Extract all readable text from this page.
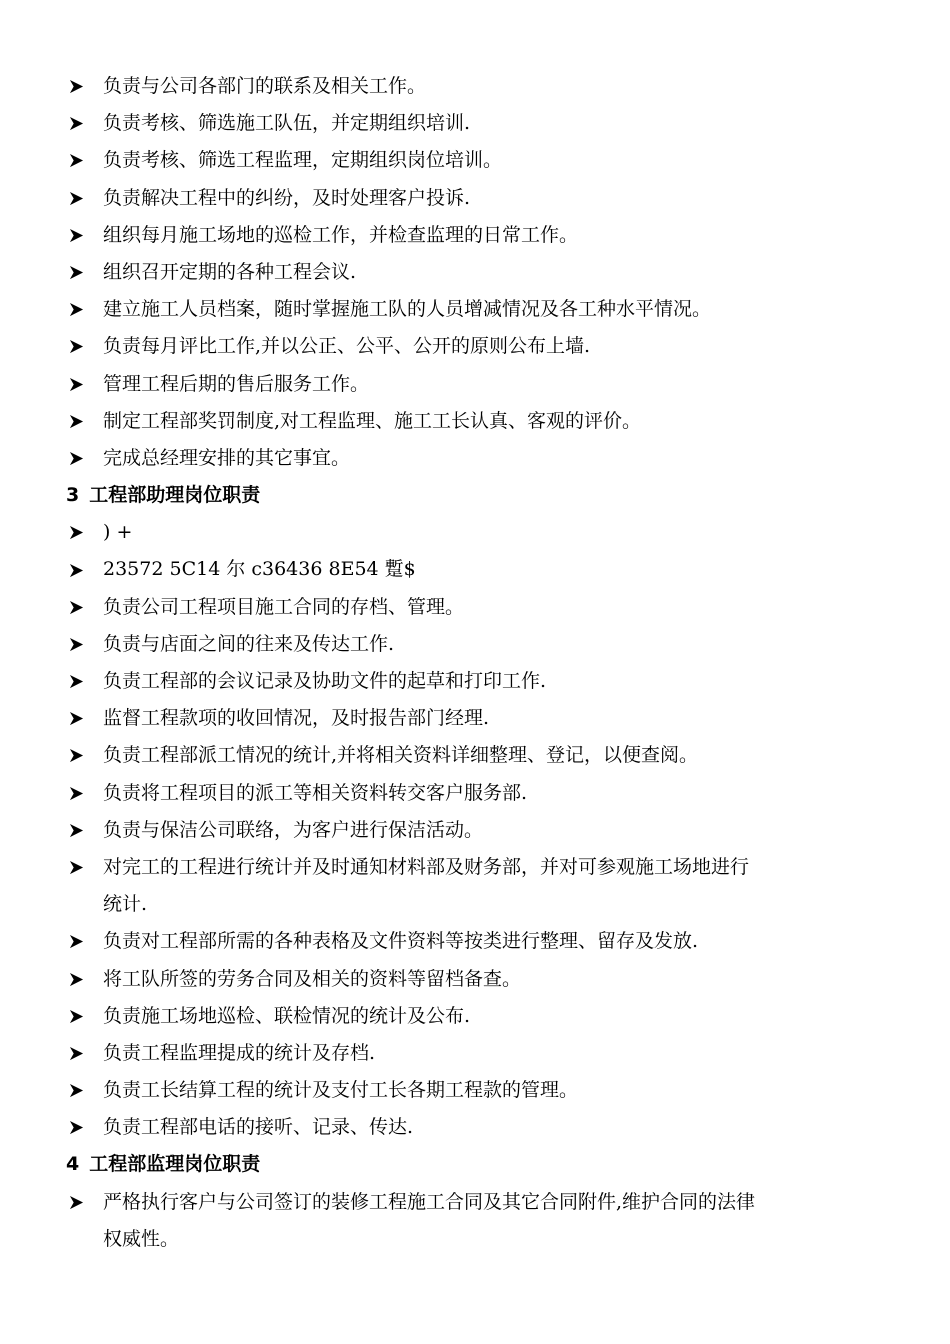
负责与公司各部门的联系及相关工作。
负责考核、筛选施工队伍，并定期组织培训.
负责考核、筛选工程监理，定期组织岗位培训。
负责解决工程中的纠纷，及时处理客户投诉.
组织每月施工场地的巡检工作，并检查监理的日常工作。
组织召开定期的各种工程会议.
建立施工人员档案，随时掌握施工队的人员增减情况及各工种水平情况。
负责每月评比工作,并以公正、公平、公开的原则公布上墙.
管理工程后期的售后服务工作。
制定工程部奖罚制度,对工程监理、施工工长认真、客观的评价。
完成总经理安排的其它事宜。
3 工程部助理岗位职责
) +
23572 5C14 尔 c36436 8E54 蹔$
负责公司工程项目施工合同的存档、管理。
负责与店面之间的往来及传达工作.
负责工程部的会议记录及协助文件的起草和打印工作.
监督工程款项的收回情况，及时报告部门经理.
负责工程部派工情况的统计,并将相关资料详细整理、登记，以便查阅。
负责将工程项目的派工等相关资料转交客户服务部.
负责与保洁公司联络，为客户进行保洁活动。
对完工的工程进行统计并及时通知材料部及财务部，并对可参观施工场地进行
统计.
负责对工程部所需的各种表格及文件资料等按类进行整理、留存及发放.
将工队所签的劳务合同及相关的资料等留档备查。
负责施工场地巡检、联检情况的统计及公布.
负责工程监理提成的统计及存档.
负责工长结算工程的统计及支付工长各期工程款的管理。
负责工程部电话的接听、记录、传达.
4 工程部监理岗位职责
严格执行客户与公司签订的装修工程施工合同及其它合同附件,维护合同的法律
权威性。
